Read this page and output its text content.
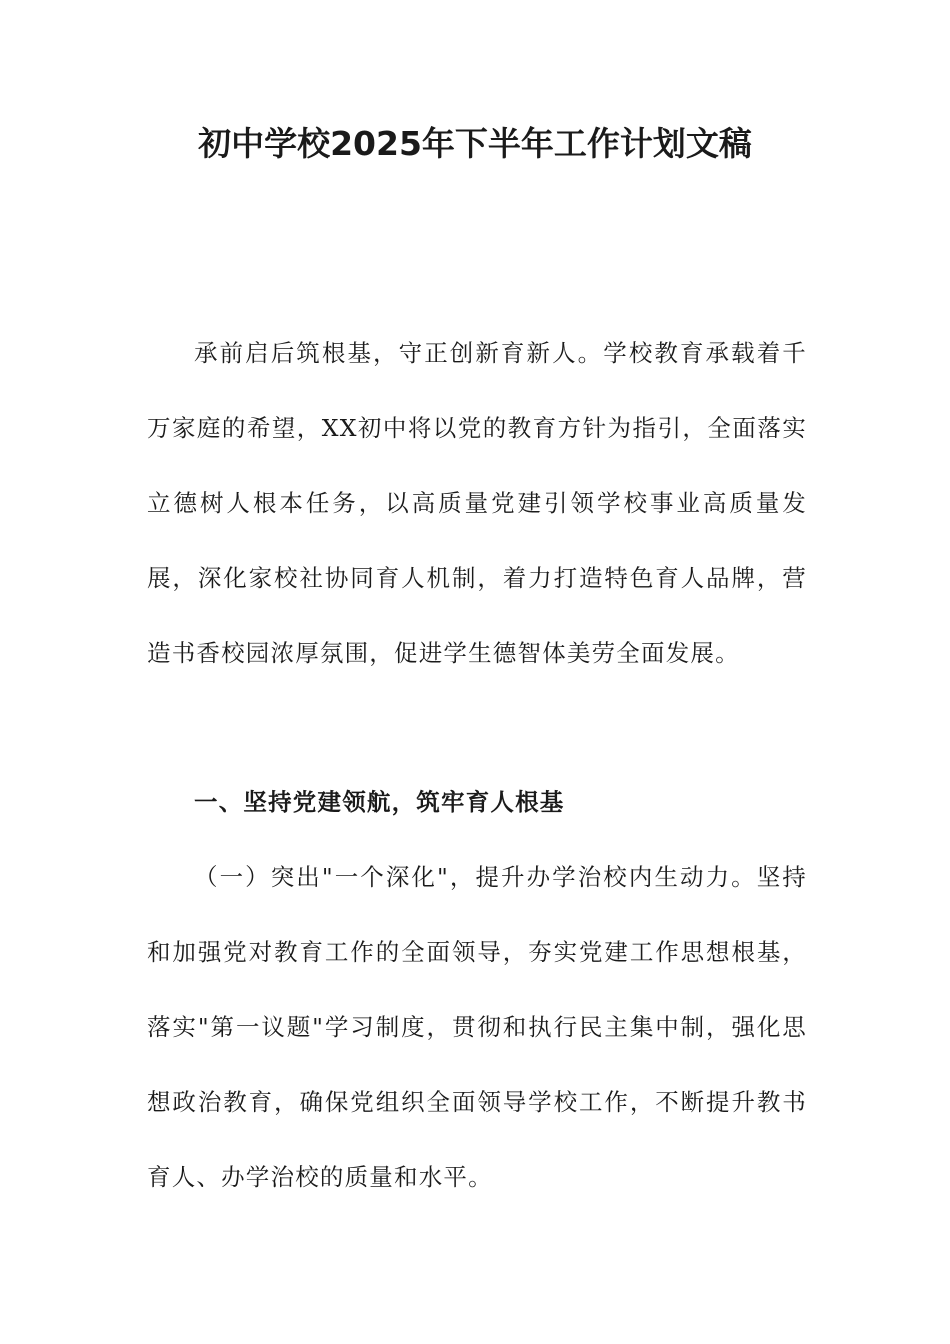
初中学校2025年下半年工作计划文稿

承前启后筑根基，守正创新育新人。学校教育承载着千万家庭的希望，XX初中将以党的教育方针为指引，全面落实立德树人根本任务，以高质量党建引领学校事业高质量发展，深化家校社协同育人机制，着力打造特色育人品牌，营造书香校园浓厚氛围，促进学生德智体美劳全面发展。

一、坚持党建领航，筑牢育人根基

（一）突出"一个深化"，提升办学治校内生动力。坚持和加强党对教育工作的全面领导，夯实党建工作思想根基，落实"第一议题"学习制度，贯彻和执行民主集中制，强化思想政治教育，确保党组织全面领导学校工作，不断提升教书育人、办学治校的质量和水平。
